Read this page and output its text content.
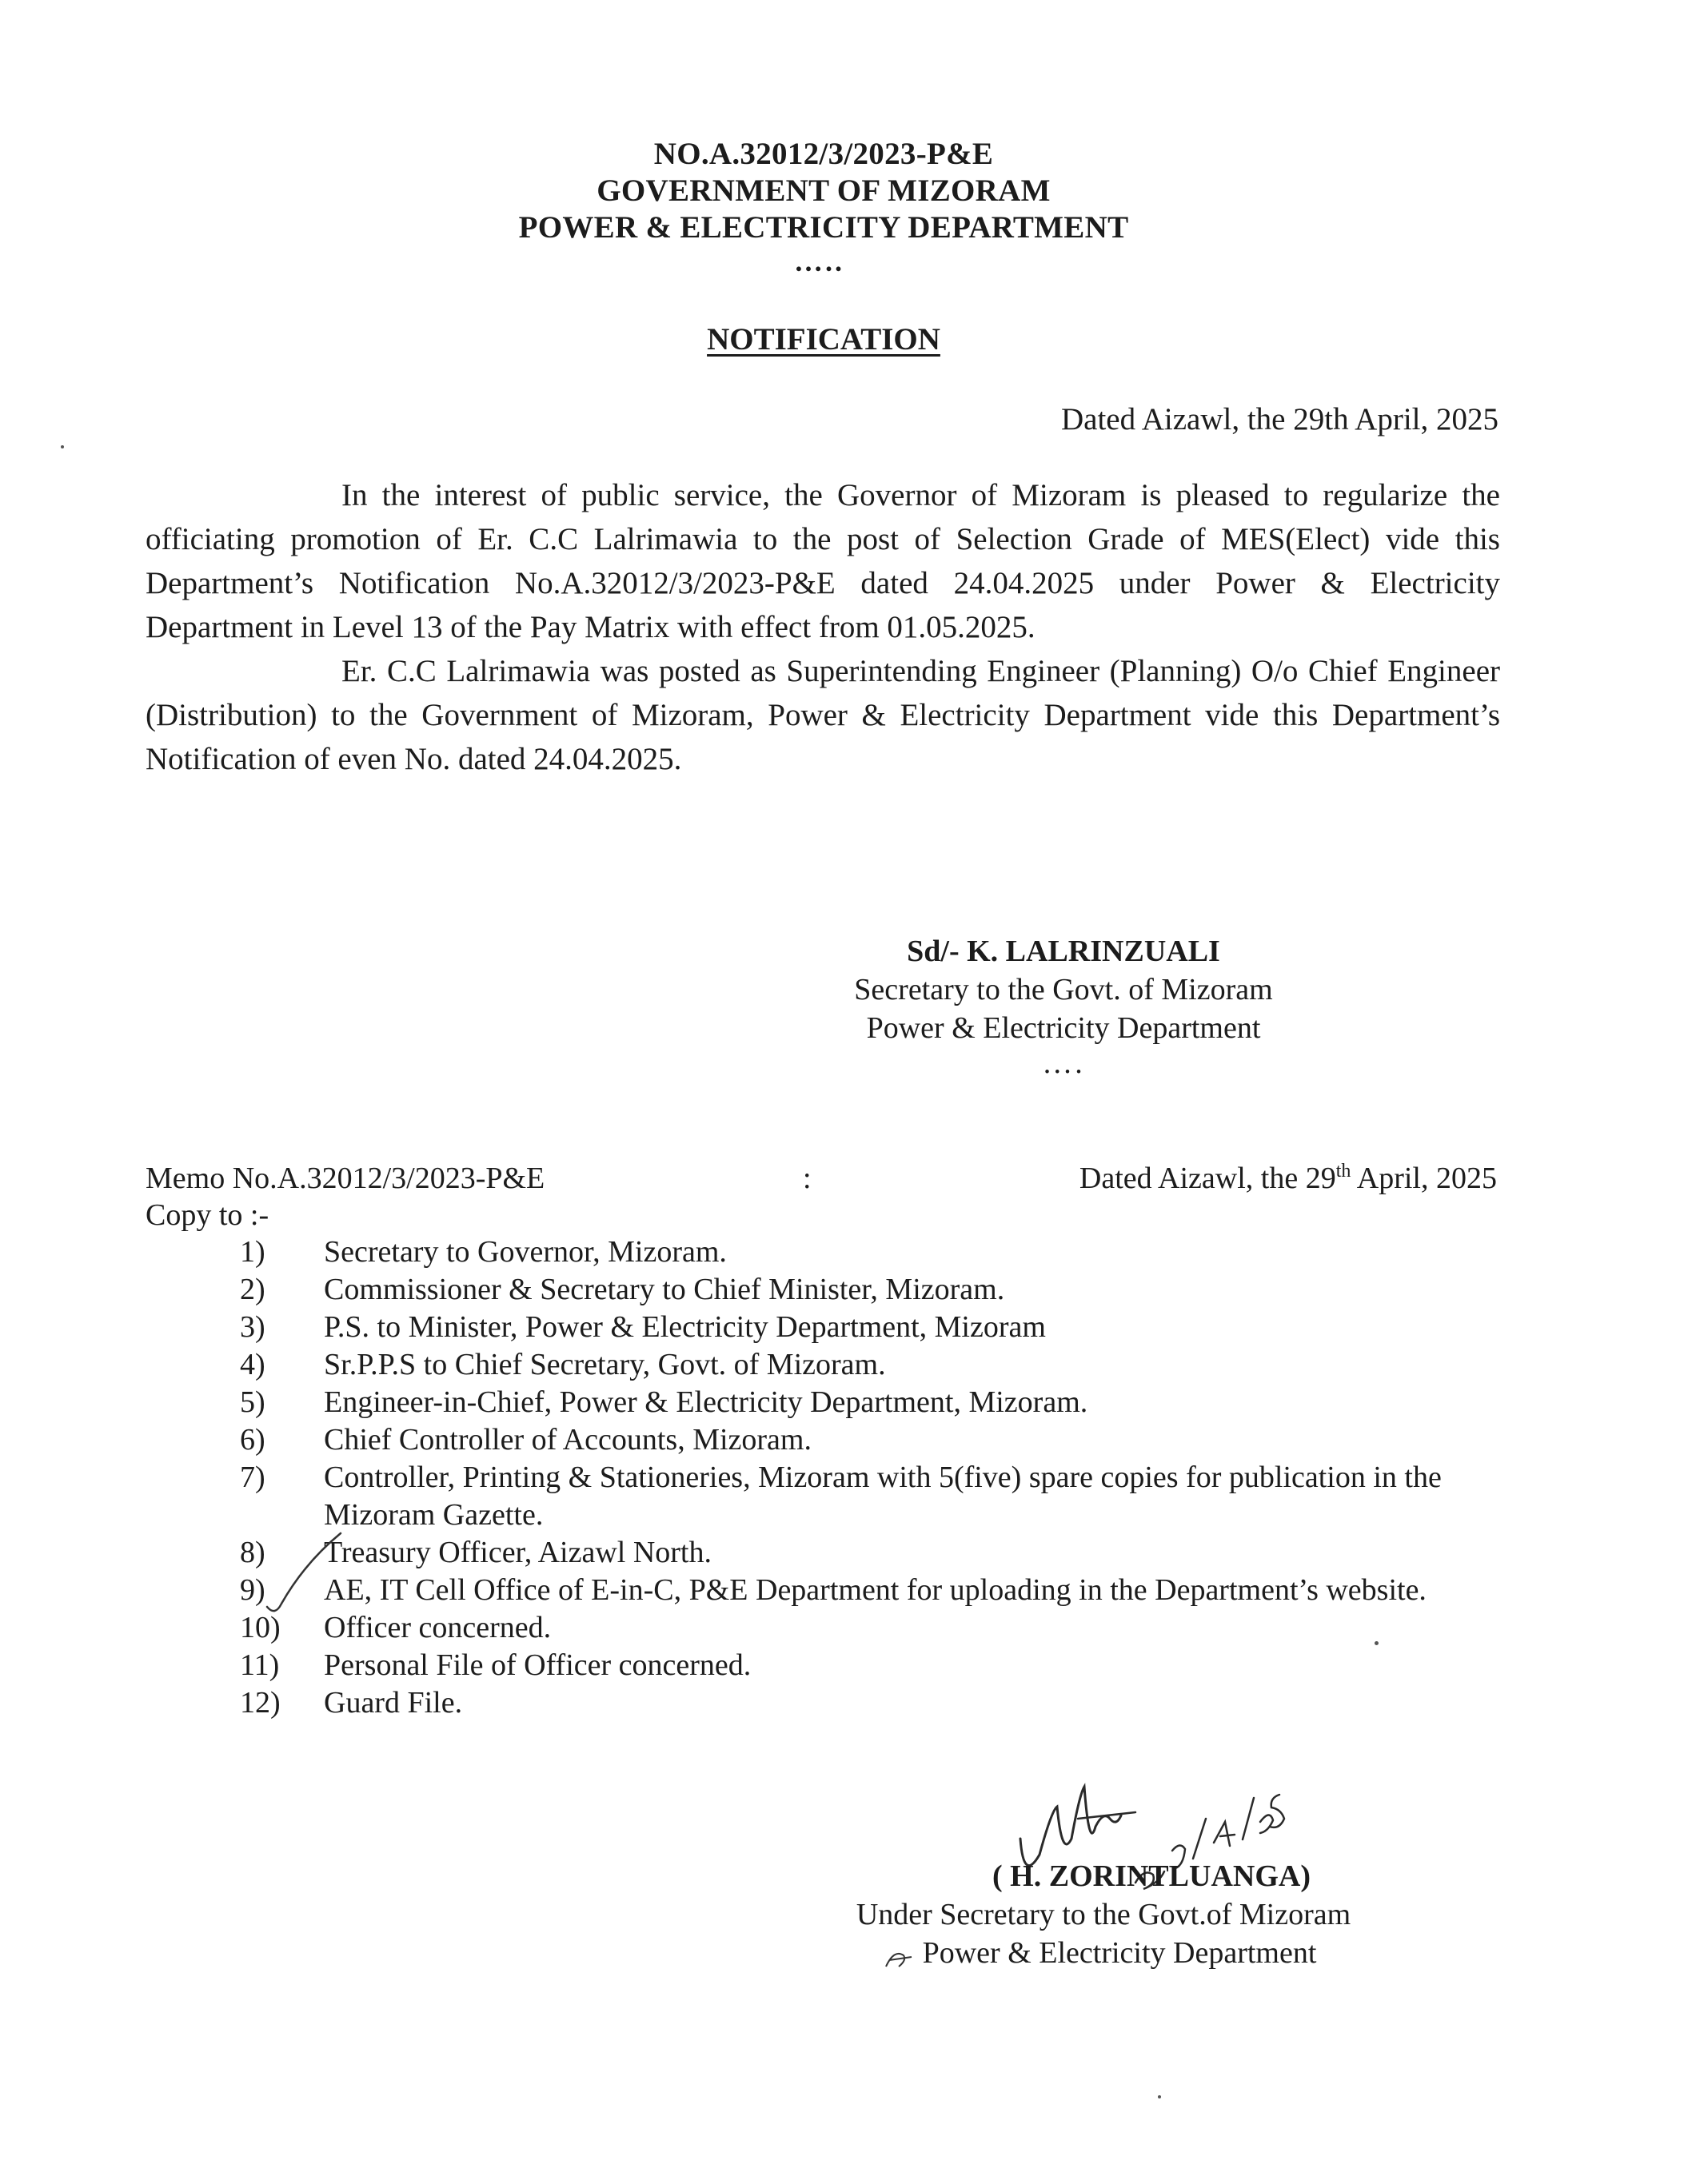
NO.A.32012/3/2023-P&E
GOVERNMENT OF MIZORAM
POWER & ELECTRICITY DEPARTMENT
…..
NOTIFICATION
Dated Aizawl, the 29th April, 2025

In the interest of public service, the Governor of Mizoram is pleased to regularize the officiating promotion of Er. C.C Lalrimawia to the post of Selection Grade of MES(Elect) vide this Department’s Notification No.A.32012/3/2023-P&E dated 24.04.2025 under Power & Electricity Department in Level 13 of the Pay Matrix with effect from 01.05.2025.

Er. C.C Lalrimawia was posted as Superintending Engineer (Planning) O/o Chief Engineer (Distribution) to the Government of Mizoram, Power & Electricity Department vide this Department’s Notification of even No. dated 24.04.2025.

Sd/- K. LALRINZUALI
Secretary to the Govt. of Mizoram
Power & Electricity Department
….
Memo No.A.32012/3/2023-P&E	:	Dated Aizawl, the 29th April, 2025
Copy to :-
1)	Secretary to Governor, Mizoram.
2)	Commissioner & Secretary to Chief Minister, Mizoram.
3)	P.S. to Minister, Power & Electricity Department, Mizoram
4)	Sr.P.P.S to Chief Secretary, Govt. of Mizoram.
5)	Engineer-in-Chief, Power & Electricity Department, Mizoram.
6)	Chief Controller of Accounts, Mizoram.
7)	Controller, Printing & Stationeries, Mizoram with 5(five) spare copies for publication in the Mizoram Gazette.
8)	Treasury Officer, Aizawl North.
9)	AE, IT Cell Office of E-in-C, P&E Department for uploading in the Department’s website.
10)	Officer concerned.
11)	Personal File of Officer concerned.
12)	Guard File.
( H. ZORINTLUANGA)
Under Secretary to the Govt.of Mizoram
Power & Electricity Department
